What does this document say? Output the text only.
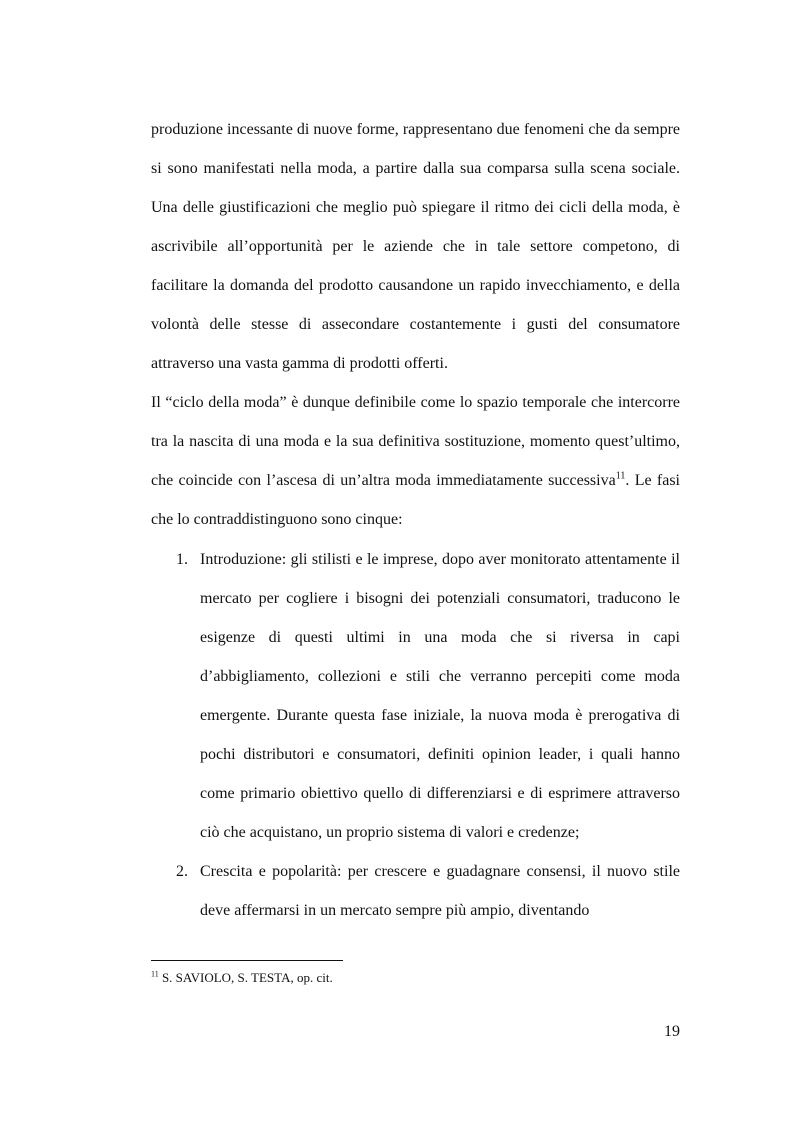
produzione incessante di nuove forme, rappresentano due fenomeni che da sempre si sono manifestati nella moda, a partire dalla sua comparsa sulla scena sociale. Una delle giustificazioni che meglio può spiegare il ritmo dei cicli della moda, è ascrivibile all’opportunità per le aziende che in tale settore competono, di facilitare la domanda del prodotto causandone un rapido invecchiamento, e della volontà delle stesse di assecondare costantemente i gusti del consumatore attraverso una vasta gamma di prodotti offerti.

Il “ciclo della moda” è dunque definibile come lo spazio temporale che intercorre tra la nascita di una moda e la sua definitiva sostituzione, momento quest’ultimo, che coincide con l’ascesa di un’altra moda immediatamente successiva$^{11}$. Le fasi che lo contraddistinguono sono cinque:

1. Introduzione: gli stilisti e le imprese, dopo aver monitorato attentamente il mercato per cogliere i bisogni dei potenziali consumatori, traducono le esigenze di questi ultimi in una moda che si riversa in capi d’abbigliamento, collezioni e stili che verranno percepiti come moda emergente. Durante questa fase iniziale, la nuova moda è prerogativa di pochi distributori e consumatori, definiti opinion leader, i quali hanno come primario obiettivo quello di differenziarsi e di esprimere attraverso ciò che acquistano, un proprio sistema di valori e credenze;
2. Crescita e popolarità: per crescere e guadagnare consensi, il nuovo stile deve affermarsi in un mercato sempre più ampio, diventando
$^{11}$ S. SAVIOLO, S. TESTA, op. cit.
19
